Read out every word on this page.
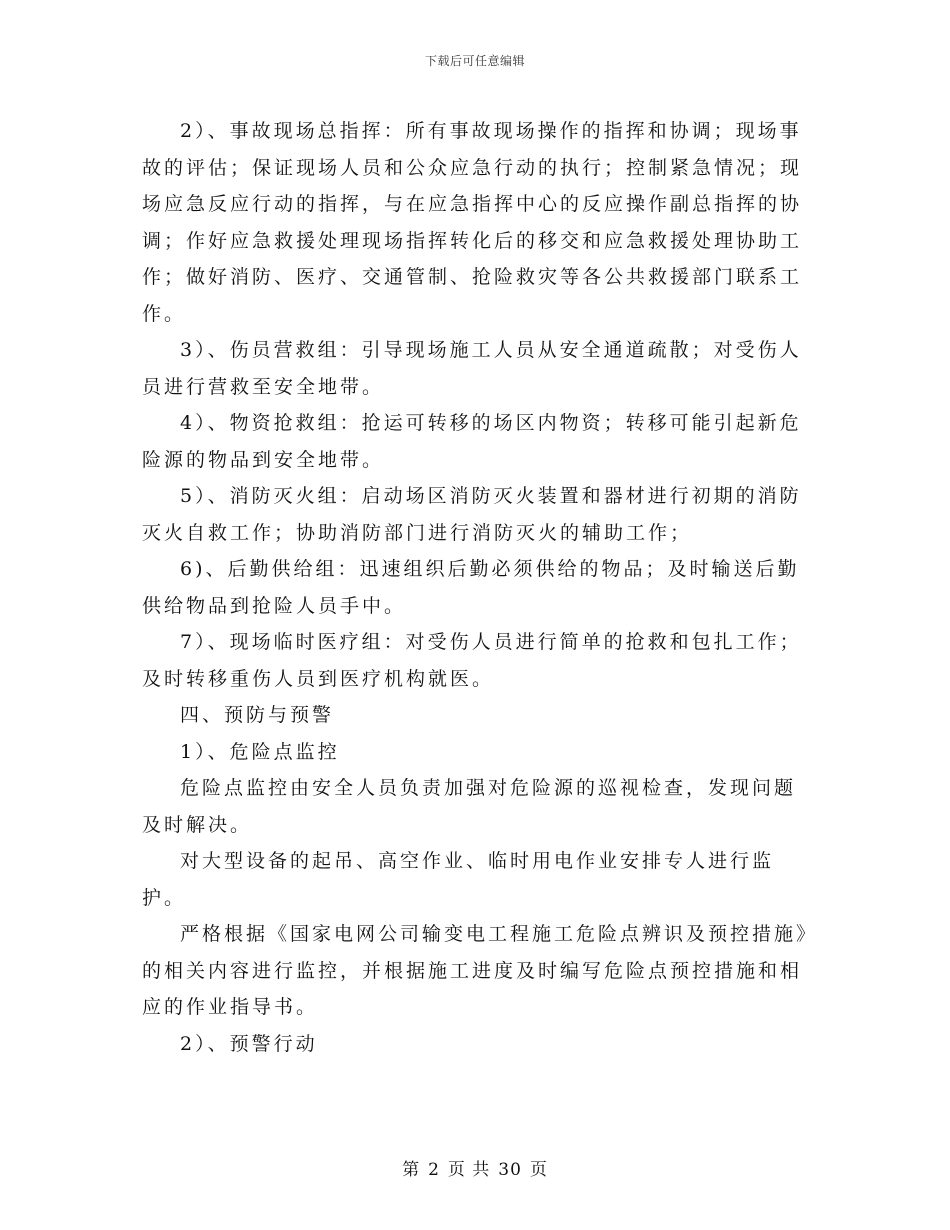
下载后可任意编辑

2）、事故现场总指挥：所有事故现场操作的指挥和协调；现场事故的评估；保证现场人员和公众应急行动的执行；控制紧急情况；现场应急反应行动的指挥，与在应急指挥中心的反应操作副总指挥的协调；作好应急救援处理现场指挥转化后的移交和应急救援处理协助工作；做好消防、医疗、交通管制、抢险救灾等各公共救援部门联系工作。

3）、伤员营救组：引导现场施工人员从安全通道疏散；对受伤人员进行营救至安全地带。

4）、物资抢救组：抢运可转移的场区内物资；转移可能引起新危险源的物品到安全地带。

5）、消防灭火组：启动场区消防灭火装置和器材进行初期的消防灭火自救工作；协助消防部门进行消防灭火的辅助工作；

6)、后勤供给组：迅速组织后勤必须供给的物品；及时输送后勤供给物品到抢险人员手中。

7）、现场临时医疗组：对受伤人员进行简单的抢救和包扎工作；及时转移重伤人员到医疗机构就医。

四、预防与预警

1）、危险点监控

危险点监控由安全人员负责加强对危险源的巡视检查，发现问题及时解决。

对大型设备的起吊、高空作业、临时用电作业安排专人进行监护。

严格根据《国家电网公司输变电工程施工危险点辨识及预控措施》的相关内容进行监控，并根据施工进度及时编写危险点预控措施和相应的作业指导书。

2）、预警行动

第 2 页 共 30 页
